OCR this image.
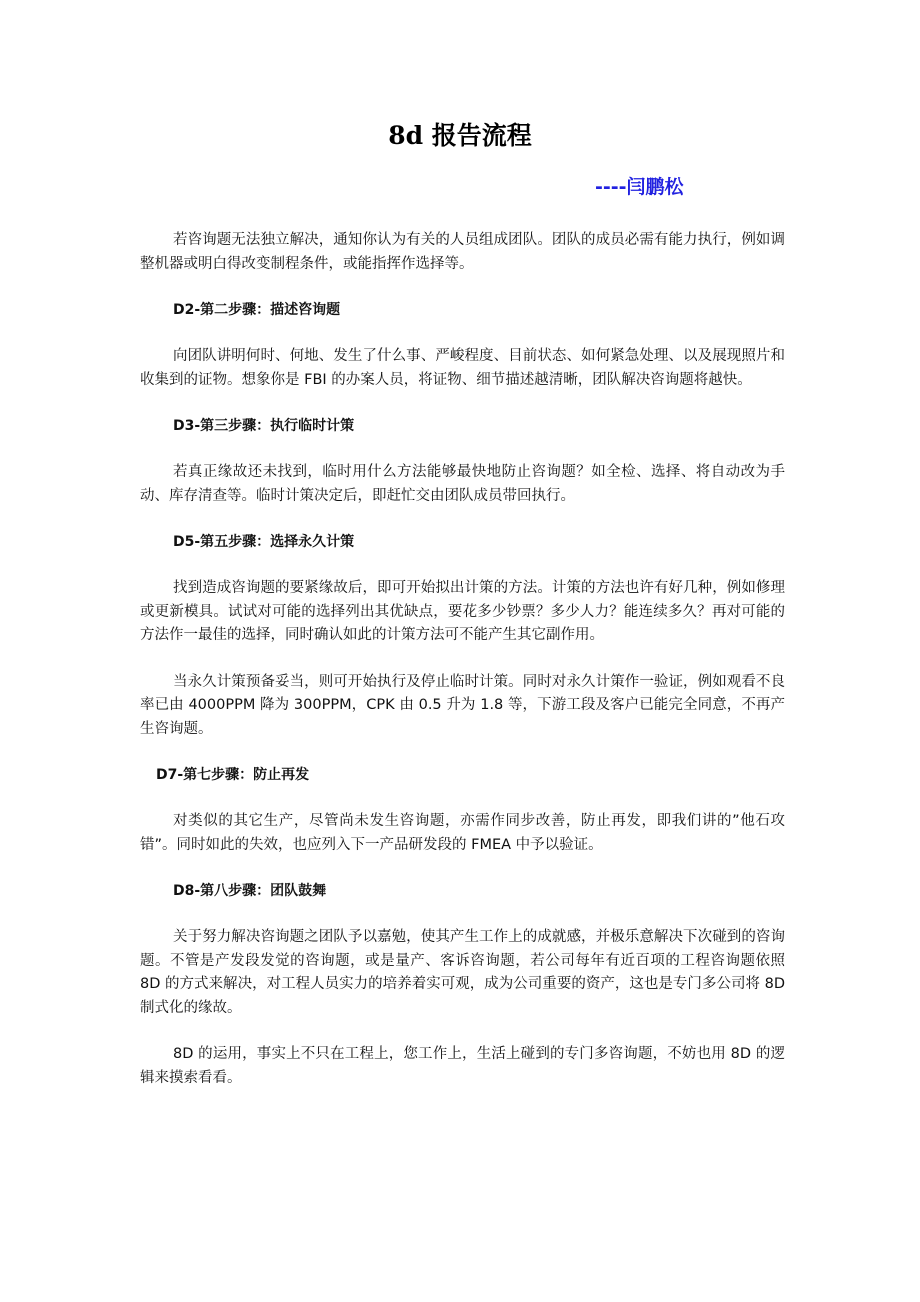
8d 报告流程
----闫鹏松

若咨询题无法独立解决，通知你认为有关的人员组成团队。团队的成员必需有能力执行，例如调整机器或明白得改变制程条件，或能指挥作选择等。

D2-第二步骤：描述咨询题

向团队讲明何时、何地、发生了什么事、严峻程度、目前状态、如何紧急处理、以及展现照片和收集到的证物。想象你是 FBI 的办案人员，将证物、细节描述越清晰，团队解决咨询题将越快。

D3-第三步骤：执行临时计策

若真正缘故还未找到，临时用什么方法能够最快地防止咨询题？如全检、选择、将自动改为手动、库存清查等。临时计策决定后，即赶忙交由团队成员带回执行。

D5-第五步骤：选择永久计策

找到造成咨询题的要紧缘故后，即可开始拟出计策的方法。计策的方法也许有好几种，例如修理或更新模具。试试对可能的选择列出其优缺点，要花多少钞票？多少人力？能连续多久？再对可能的方法作一最佳的选择，同时确认如此的计策方法可不能产生其它副作用。

当永久计策预备妥当，则可开始执行及停止临时计策。同时对永久计策作一验证，例如观看不良率已由 4000PPM 降为 300PPM，CPK 由 0.5 升为 1.8 等，下游工段及客户已能完全同意，不再产生咨询题。

D7-第七步骤：防止再发

对类似的其它生产，尽管尚未发生咨询题，亦需作同步改善，防止再发，即我们讲的”他石攻错”。同时如此的失效，也应列入下一产品研发段的 FMEA 中予以验证。

D8-第八步骤：团队鼓舞

关于努力解决咨询题之团队予以嘉勉，使其产生工作上的成就感，并极乐意解决下次碰到的咨询题。不管是产发段发觉的咨询题，或是量产、客诉咨询题，若公司每年有近百项的工程咨询题依照 8D 的方式来解决，对工程人员实力的培养着实可观，成为公司重要的资产，这也是专门多公司将 8D 制式化的缘故。

8D 的运用，事实上不只在工程上，您工作上，生活上碰到的专门多咨询题，不妨也用 8D 的逻辑来摸索看看。
